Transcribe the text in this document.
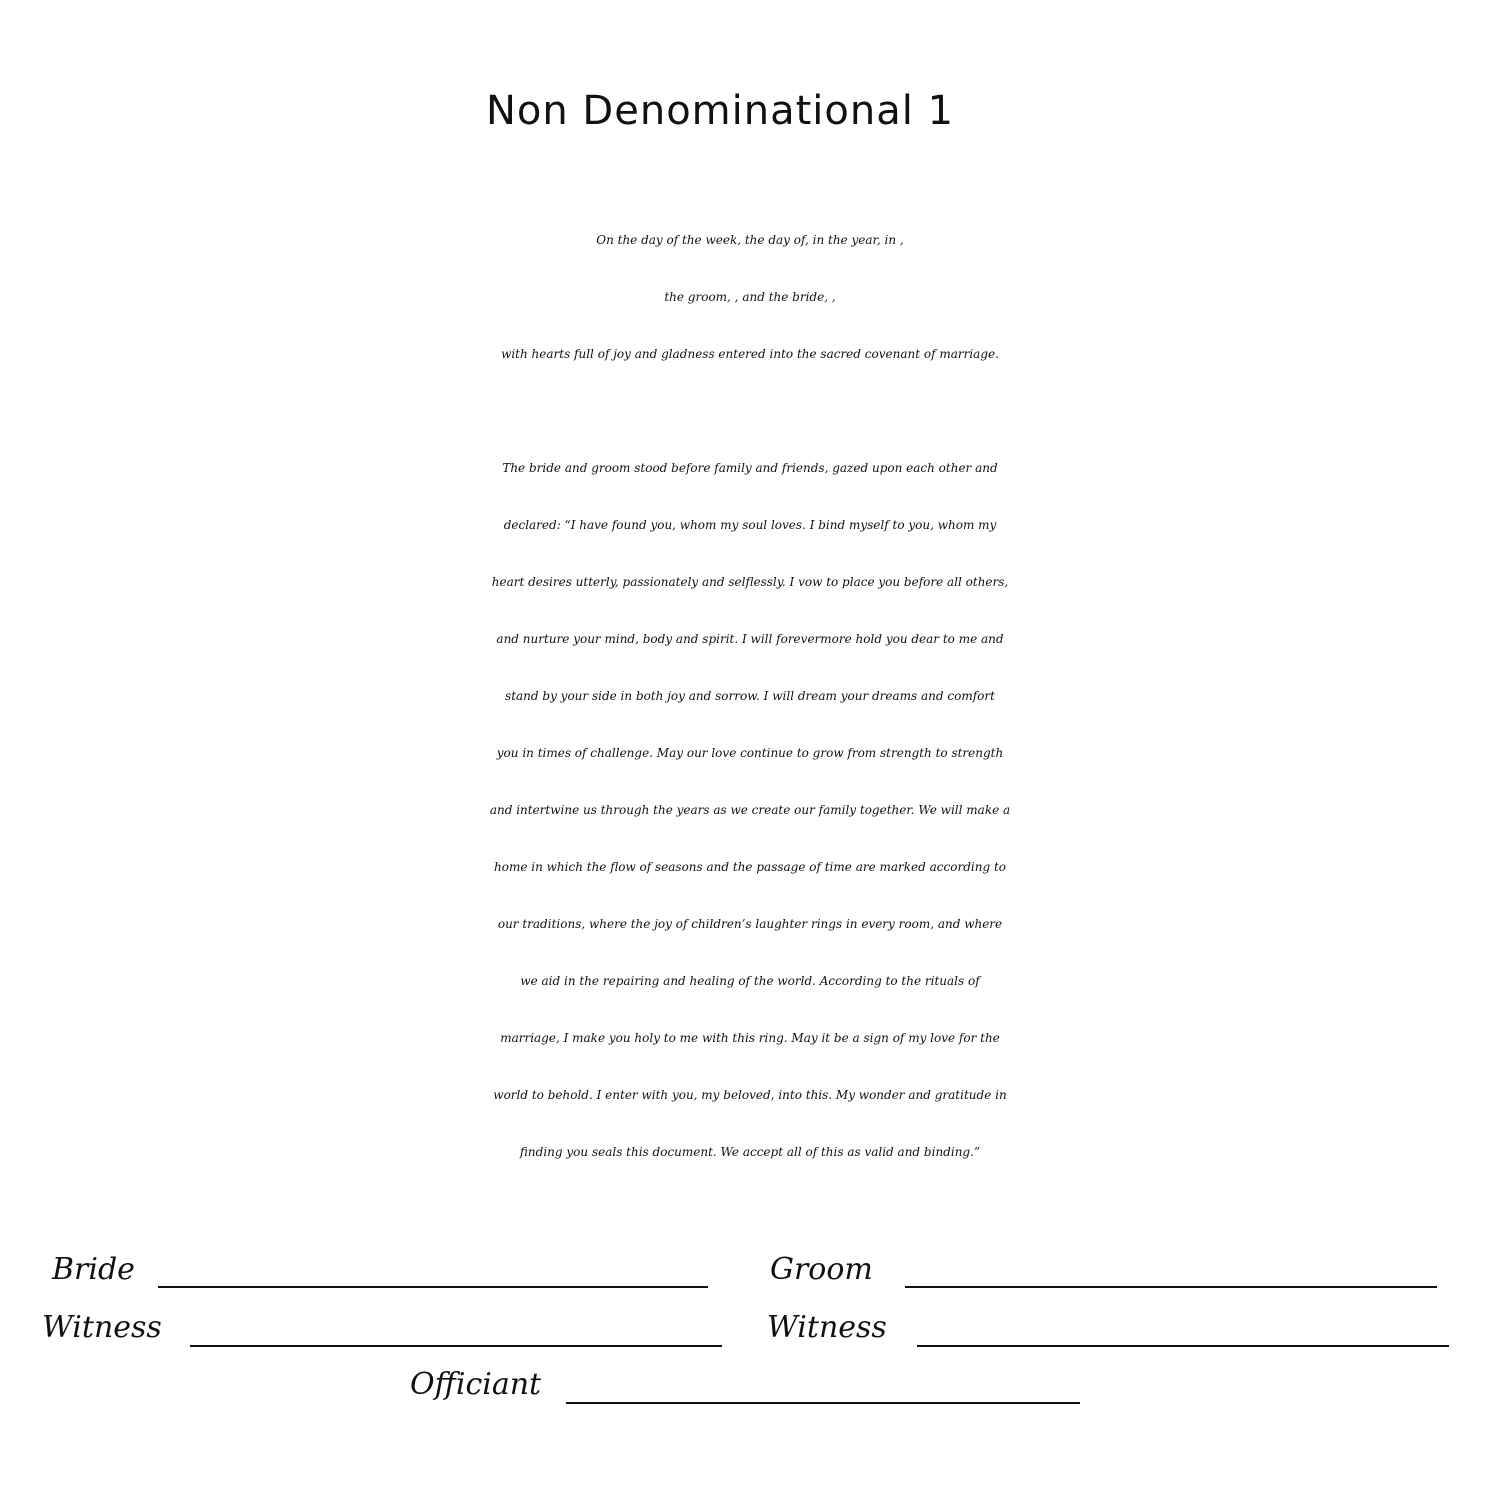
Non Denominational 1
On the day of the week, the day of, in the year, in ,
the groom, , and the bride, ,
with hearts full of joy and gladness entered into the sacred covenant of marriage.
The bride and groom stood before family and friends, gazed upon each other and
declared: “I have found you, whom my soul loves. I bind myself to you, whom my
heart desires utterly, passionately and selflessly. I vow to place you before all others,
and nurture your mind, body and spirit. I will forevermore hold you dear to me and
stand by your side in both joy and sorrow. I will dream your dreams and comfort
you in times of challenge. May our love continue to grow from strength to strength
and intertwine us through the years as we create our family together. We will make a
home in which the flow of seasons and the passage of time are marked according to
our traditions, where the joy of children’s laughter rings in every room, and where
we aid in the repairing and healing of the world. According to the rituals of
marriage, I make you holy to me with this ring. May it be a sign of my love for the
world to behold. I enter with you, my beloved, into this. My wonder and gratitude in
finding you seals this document. We accept all of this as valid and binding.”
Bride	Groom
Witness	Witness
Officiant
